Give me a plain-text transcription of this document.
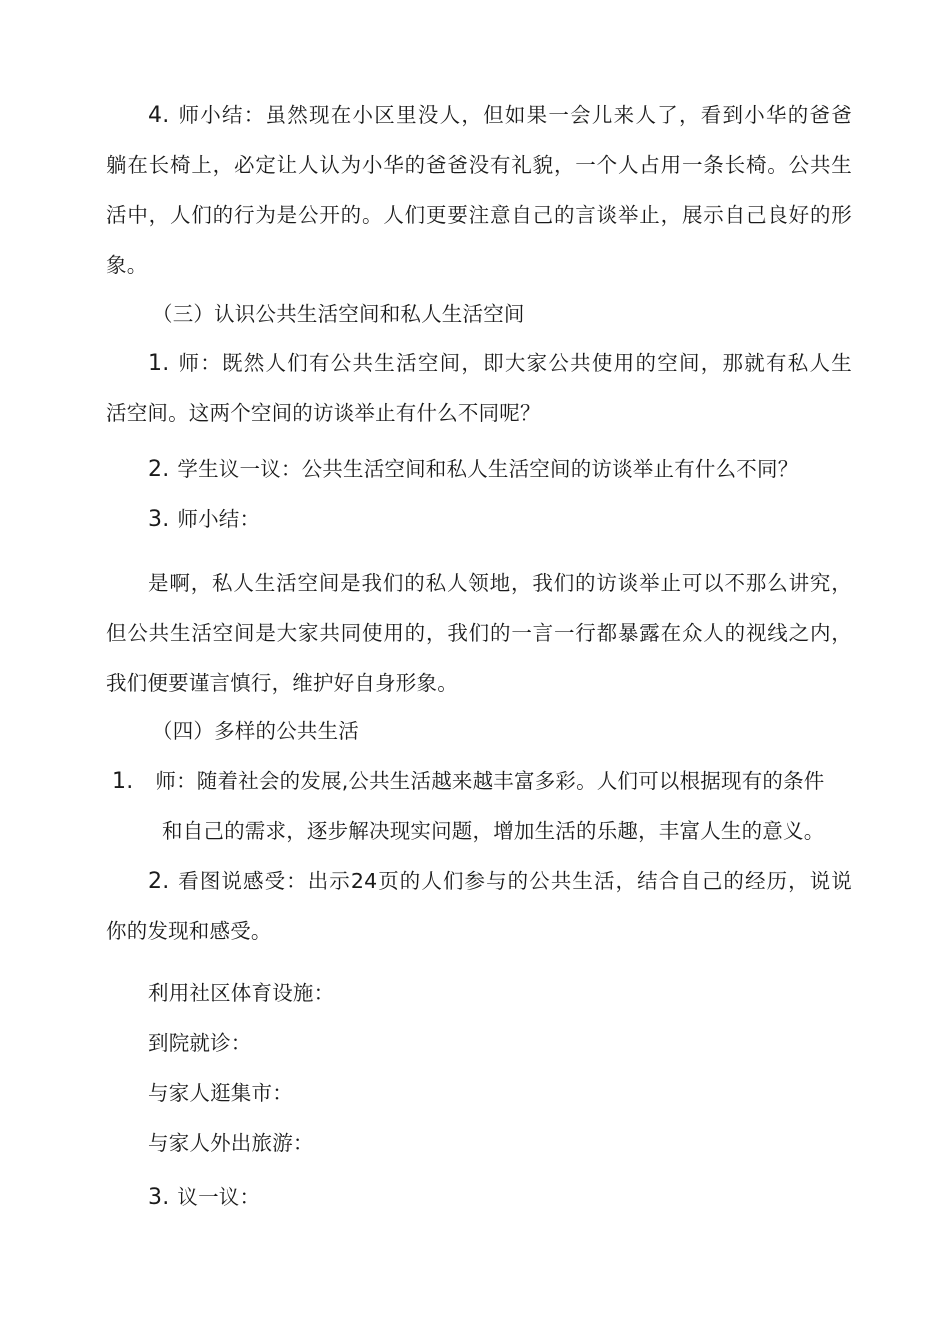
4. 师小结：虽然现在小区里没人，但如果一会儿来人了，看到小华的爸爸
躺在长椅上，必定让人认为小华的爸爸没有礼貌，一个人占用一条长椅。公共生
活中，人们的行为是公开的。人们更要注意自己的言谈举止，展示自己良好的形
象。
（三）认识公共生活空间和私人生活空间
1. 师：既然人们有公共生活空间，即大家公共使用的空间，那就有私人生
活空间。这两个空间的访谈举止有什么不同呢？
2. 学生议一议：公共生活空间和私人生活空间的访谈举止有什么不同？
3. 师小结：
是啊，私人生活空间是我们的私人领地，我们的访谈举止可以不那么讲究，
但公共生活空间是大家共同使用的，我们的一言一行都暴露在众人的视线之内，
我们便要谨言慎行，维护好自身形象。
（四）多样的公共生活
1. 师：随着社会的发展,公共生活越来越丰富多彩。人们可以根据现有的条件
和自己的需求，逐步解决现实问题，增加生活的乐趣，丰富人生的意义。
2. 看图说感受：出示24页的人们参与的公共生活，结合自己的经历，说说
你的发现和感受。
利用社区体育设施：
到院就诊：
与家人逛集市：
与家人外出旅游：
3. 议一议：
